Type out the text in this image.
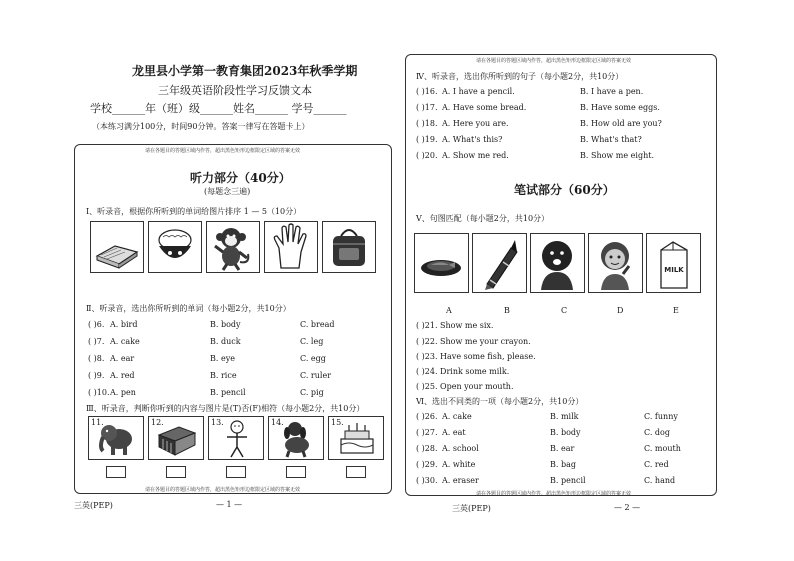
龙里县小学第一教育集团2023年秋季学期
三年级英语阶段性学习反馈文本
学校______年（班）级______姓名______ 学号______
（本练习满分100分，时间90分钟。答案一律写在答题卡上）
请在各题目的答题区域内作答，超出黑色矩形边框限定区域的答案无效
听力部分（40分）
(每题念三遍)
Ⅰ、听录音，根据你所听到的单词给图片排序 1 — 5（10分）
Ⅱ、听录音，选出你所听到的单词（每小题2分，共10分）
( )6. A. bird	B. body	C. bread
( )7. A. cake	B. duck	C. leg
( )8. A. ear	B. eye	C. egg
( )9. A. red	B. rice	C. ruler
( )10. A. pen	B. pencil	C. pig
Ⅲ、听录音，判断你听到的内容与图片是(T)否(F)相符（每小题2分，共10分）
11.	12.	13.	14.	15.
请在各题目的答题区域内作答，超出黑色矩形边框限定区域的答案无效
三英(PEP)	— 1 —
请在各题目的答题区域内作答，超出黑色矩形边框限定区域的答案无效
Ⅳ、听录音，选出你所听到的句子（每小题2分，共10分）
( )16. A. I have a pencil.	B. I have a pen.
( )17. A. Have some bread.	B. Have some eggs.
( )18. A. Here you are.	B. How old are you?
( )19. A. What's this?	B. What's that?
( )20. A. Show me red.	B. Show me eight.
笔试部分（60分）
Ⅴ、句图匹配（每小题2分，共10分）
MILK
A	B	C	D	E
( )21. Show me six.
( )22. Show me your crayon.
( )23. Have some fish, please.
( )24. Drink some milk.
( )25. Open your mouth.
Ⅵ、选出不同类的一项（每小题2分，共10分）
( )26. A. cake	B. milk	C. funny
( )27. A. eat	B. body	C. dog
( )28. A. school	B. ear	C. mouth
( )29. A. white	B. bag	C. red
( )30. A. eraser	B. pencil	C. hand
请在各题目的答题区域内作答，超出黑色矩形边框限定区域的答案无效
三英(PEP)	— 2 —
